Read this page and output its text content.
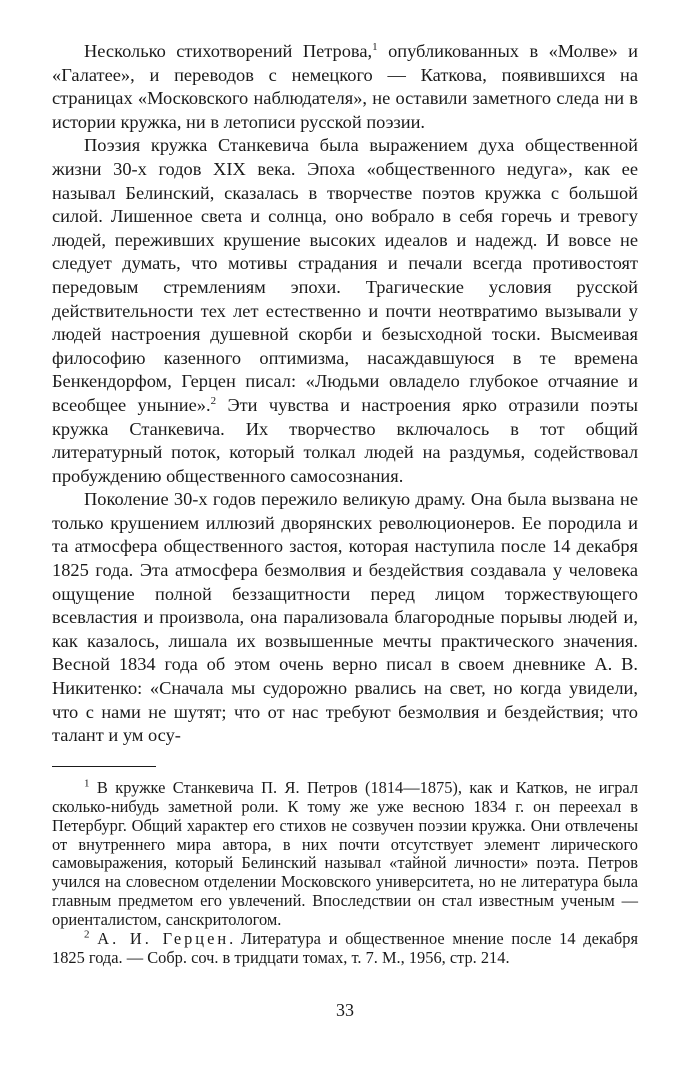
Несколько стихотворений Петрова,$^1$ опубликованных в «Молве» и «Галатее», и переводов с немецкого — Каткова, появившихся на страницах «Московского наблюдателя», не оставили заметного следа ни в истории кружка, ни в летописи русской поэзии.

Поэзия кружка Станкевича была выражением духа общественной жизни 30-х годов XIX века. Эпоха «общественного недуга», как ее называл Белинский, сказалась в творчестве поэтов кружка с большой силой. Лишенное света и солнца, оно вобрало в себя горечь и тревогу людей, переживших крушение высоких идеалов и надежд. И вовсе не следует думать, что мотивы страдания и печали всегда противостоят передовым стремлениям эпохи. Трагические условия русской действительности тех лет естественно и почти неотвратимо вызывали у людей настроения душевной скорби и безысходной тоски. Высмеивая философию казенного оптимизма, насаждавшуюся в те времена Бенкендорфом, Герцен писал: «Людьми овладело глубокое отчаяние и всеобщее уныние».$^2$ Эти чувства и настроения ярко отразили поэты кружка Станкевича. Их творчество включалось в тот общий литературный поток, который толкал людей на раздумья, содействовал пробуждению общественного самосознания.

Поколение 30-х годов пережило великую драму. Она была вызвана не только крушением иллюзий дворянских революционеров. Ее породила и та атмосфера общественного застоя, которая наступила после 14 декабря 1825 года. Эта атмосфера безмолвия и бездействия создавала у человека ощущение полной беззащитности перед лицом торжествующего всевластия и произвола, она парализовала благородные порывы людей и, как казалось, лишала их возвышенные мечты практического значения. Весной 1834 года об этом очень верно писал в своем дневнике А. В. Никитенко: «Сначала мы судорожно рвались на свет, но когда увидели, что с нами не шутят; что от нас требуют безмолвия и бездействия; что талант и ум осу-

$^1$ В кружке Станкевича П. Я. Петров (1814—1875), как и Катков, не играл сколько-нибудь заметной роли. К тому же уже весною 1834 г. он переехал в Петербург. Общий характер его стихов не созвучен поэзии кружка. Они отвлечены от внутреннего мира автора, в них почти отсутствует элемент лирического самовыражения, который Белинский называл «тайной личности» поэта. Петров учился на словесном отделении Московского университета, но не литература была главным предметом его увлечений. Впоследствии он стал известным ученым — ориенталистом, санскритологом.

$^2$ А. И. Герцен. Литература и общественное мнение после 14 декабря 1825 года. — Собр. соч. в тридцати томах, т. 7. М., 1956, стр. 214.

33
